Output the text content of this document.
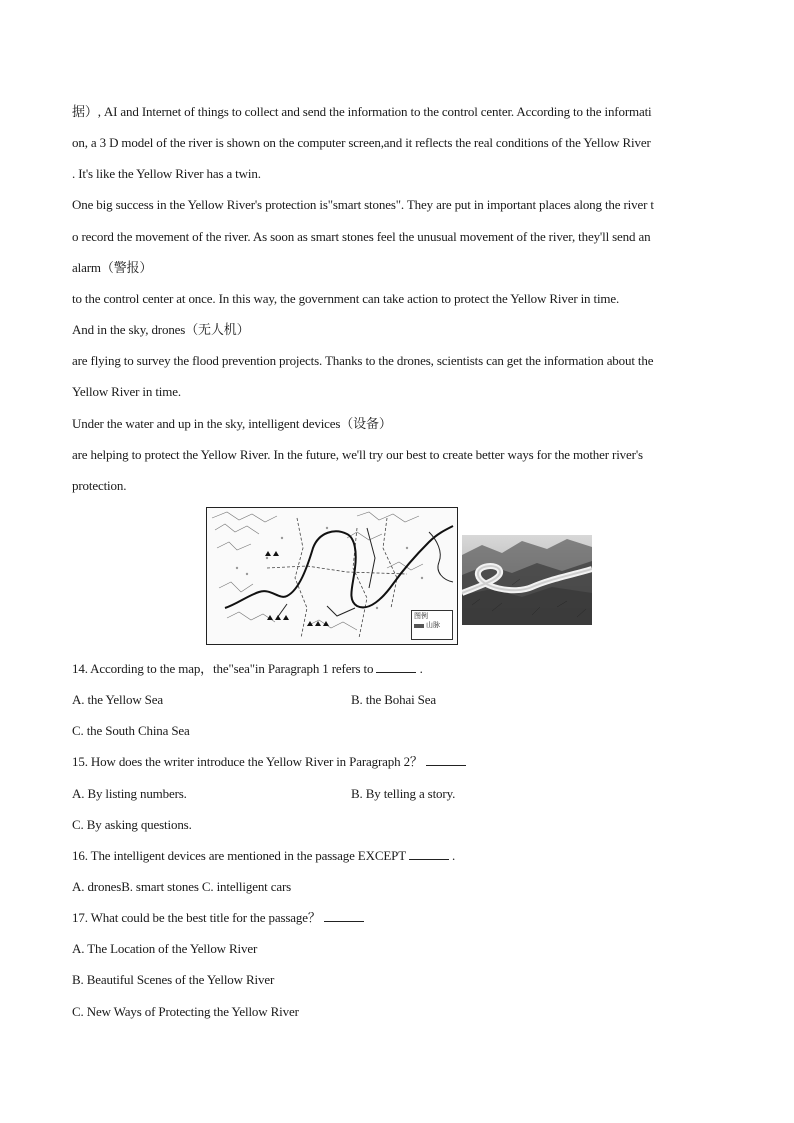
据）, AI and Internet of things to collect and send the information to the control center. According to the informati
on, a 3 D model of the river is shown on the computer screen,and it reflects the real conditions of the Yellow River
. It's like the Yellow River has a twin.
One big success in the Yellow River's protection is"smart stones". They are put in important places along the river t
o record the movement of the river. As soon as smart stones feel the unusual movement of the river, they'll send an
alarm（警报）
to the control center at once. In this way, the government can take action to protect the Yellow River in time.
And in the sky, drones（无人机）
are flying to survey the flood prevention projects. Thanks to the drones, scientists can get the information about the
Yellow River in time.
Under the water and up in the sky, intelligent devices（设备）
are helping to protect the Yellow River. In the future, we'll try our best to create better ways for the mother river's
protection.
图例
山脉
14. According to the map，the"sea"in Paragraph 1 refers to	.
A. the Yellow Sea	B. the Bohai Sea
C. the South China Sea
15. How does the writer introduce the Yellow River in Paragraph 2？
A. By listing numbers.	B. By telling a story.
C. By asking questions.
16. The intelligent devices are mentioned in the passage EXCEPT	.
A. dronesB. smart stones C. intelligent cars
17. What could be the best title for the passage？
A. The Location of the Yellow River
B. Beautiful Scenes of the Yellow River
C. New Ways of Protecting the Yellow River
